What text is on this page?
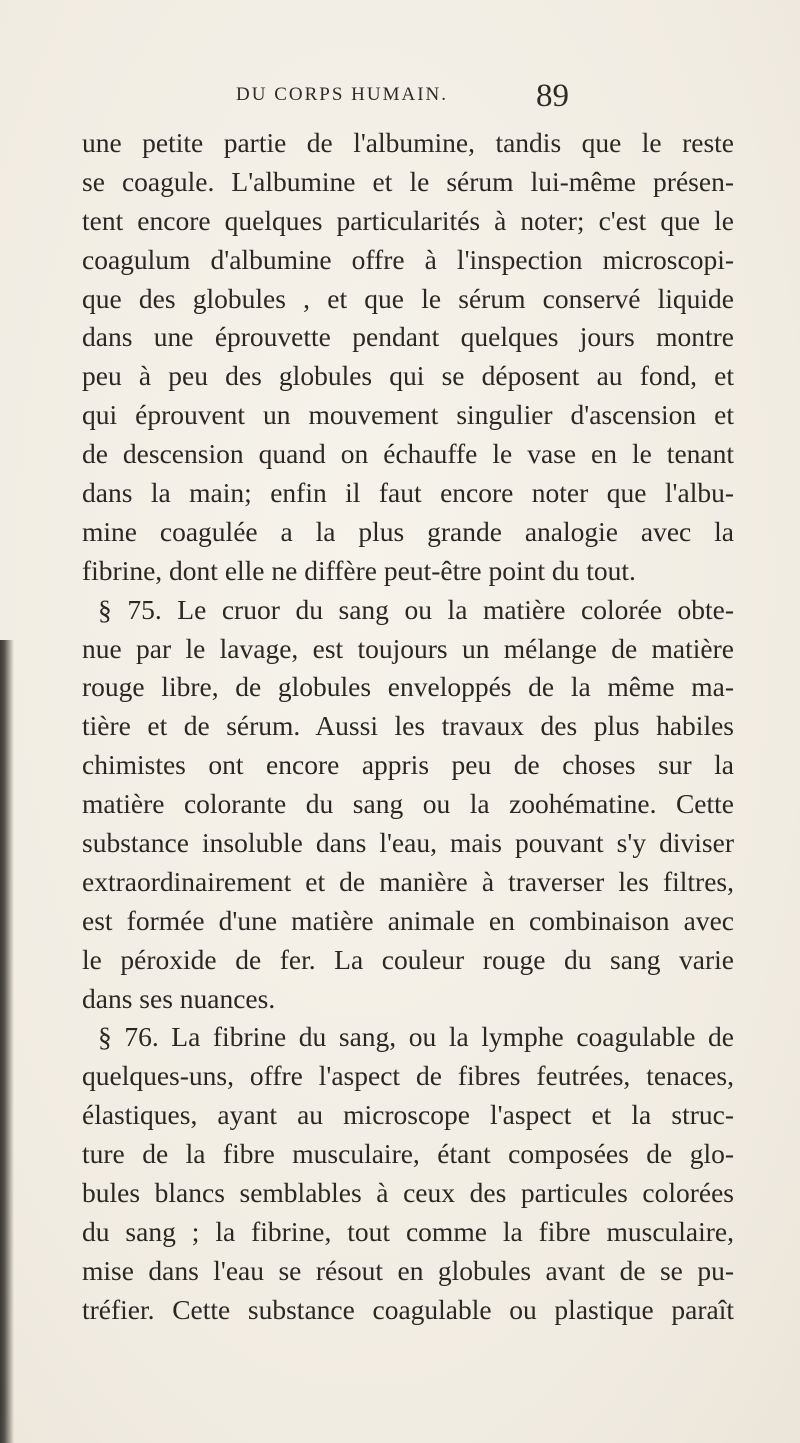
DU CORPS HUMAIN.	89
une petite partie de l'albumine, tandis que le reste
se coagule. L'albumine et le sérum lui-même présen-
tent encore quelques particularités à noter; c'est que le
coagulum d'albumine offre à l'inspection microscopi-
que des globules , et que le sérum conservé liquide
dans une éprouvette pendant quelques jours montre
peu à peu des globules qui se déposent au fond, et
qui éprouvent un mouvement singulier d'ascension et
de descension quand on échauffe le vase en le tenant
dans la main; enfin il faut encore noter que l'albu-
mine coagulée a la plus grande analogie avec la
fibrine, dont elle ne diffère peut-être point du tout.
§ 75. Le cruor du sang ou la matière colorée obte-
nue par le lavage, est toujours un mélange de matière
rouge libre, de globules enveloppés de la même ma-
tière et de sérum. Aussi les travaux des plus habiles
chimistes ont encore appris peu de choses sur la
matière colorante du sang ou la zoohématine. Cette
substance insoluble dans l'eau, mais pouvant s'y diviser
extraordinairement et de manière à traverser les filtres,
est formée d'une matière animale en combinaison avec
le péroxide de fer. La couleur rouge du sang varie
dans ses nuances.
§ 76. La fibrine du sang, ou la lymphe coagulable de
quelques-uns, offre l'aspect de fibres feutrées, tenaces,
élastiques, ayant au microscope l'aspect et la struc-
ture de la fibre musculaire, étant composées de glo-
bules blancs semblables à ceux des particules colorées
du sang ; la fibrine, tout comme la fibre musculaire,
mise dans l'eau se résout en globules avant de se pu-
tréfier. Cette substance coagulable ou plastique paraît
